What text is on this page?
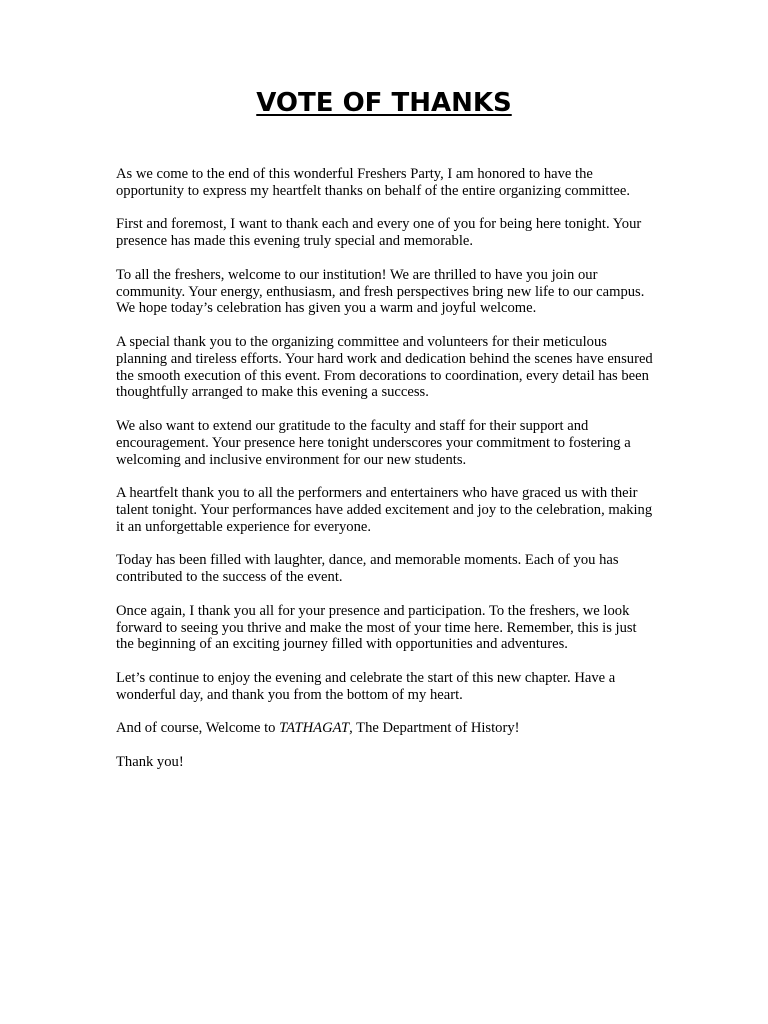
VOTE OF THANKS

As we come to the end of this wonderful Freshers Party, I am honored to have the opportunity to express my heartfelt thanks on behalf of the entire organizing committee.

First and foremost, I want to thank each and every one of you for being here tonight. Your presence has made this evening truly special and memorable.

To all the freshers, welcome to our institution! We are thrilled to have you join our community. Your energy, enthusiasm, and fresh perspectives bring new life to our campus. We hope today’s celebration has given you a warm and joyful welcome.

A special thank you to the organizing committee and volunteers for their meticulous planning and tireless efforts. Your hard work and dedication behind the scenes have ensured the smooth execution of this event. From decorations to coordination, every detail has been thoughtfully arranged to make this evening a success.

We also want to extend our gratitude to the faculty and staff for their support and encouragement. Your presence here tonight underscores your commitment to fostering a welcoming and inclusive environment for our new students.

A heartfelt thank you to all the performers and entertainers who have graced us with their talent tonight. Your performances have added excitement and joy to the celebration, making it an unforgettable experience for everyone.

Today has been filled with laughter, dance, and memorable moments. Each of you has contributed to the success of the event.

Once again, I thank you all for your presence and participation. To the freshers, we look forward to seeing you thrive and make the most of your time here. Remember, this is just the beginning of an exciting journey filled with opportunities and adventures.

Let’s continue to enjoy the evening and celebrate the start of this new chapter. Have a wonderful day, and thank you from the bottom of my heart.

And of course, Welcome to TATHAGAT, The Department of History!

Thank you!
